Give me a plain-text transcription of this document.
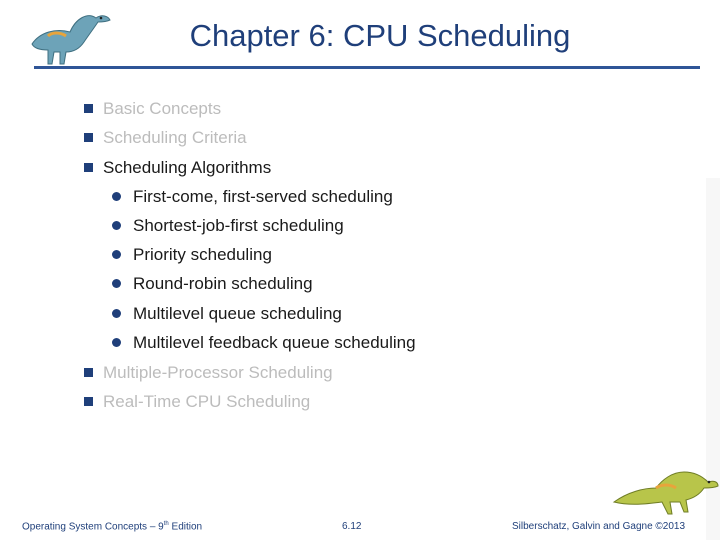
Chapter 6: CPU Scheduling
Basic Concepts
Scheduling Criteria
Scheduling Algorithms
First-come, first-served scheduling
Shortest-job-first scheduling
Priority scheduling
Round-robin scheduling
Multilevel queue scheduling
Multilevel feedback queue scheduling
Multiple-Processor Scheduling
Real-Time CPU Scheduling
Operating System Concepts – 9th Edition	6.12	Silberschatz, Galvin and Gagne ©2013
